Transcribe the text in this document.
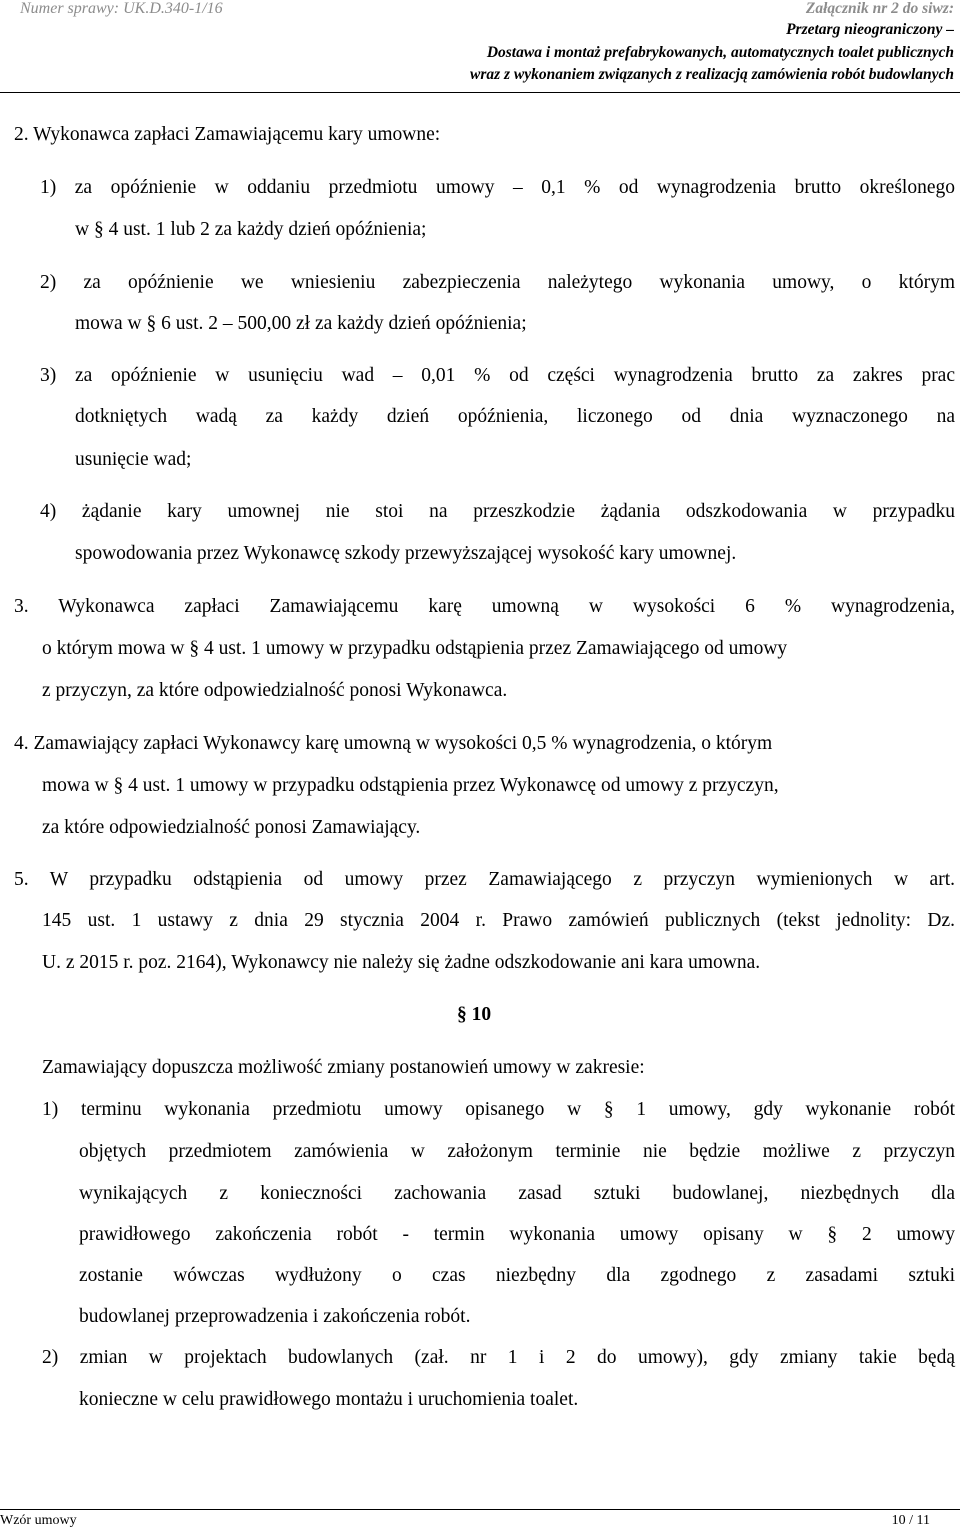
Numer sprawy: UK.D.340-1/16	Załącznik nr 2 do siwz:
Przetarg nieograniczony –
Dostawa i montaż prefabrykowanych, automatycznych toalet publicznych
wraz z wykonaniem związanych z realizacją zamówienia robót budowlanych
2. Wykonawca zapłaci Zamawiającemu kary umowne:
1) za opóźnienie w oddaniu przedmiotu umowy – 0,1 % od wynagrodzenia brutto określonego
w § 4 ust. 1 lub 2 za każdy dzień opóźnienia;
2) za opóźnienie we wniesieniu zabezpieczenia należytego wykonania umowy, o którym
mowa w § 6 ust. 2 – 500,00 zł za każdy dzień opóźnienia;
3) za opóźnienie w usunięciu wad – 0,01 % od części wynagrodzenia brutto za zakres prac
dotkniętych wadą za każdy dzień opóźnienia, liczonego od dnia wyznaczonego na
usunięcie wad;
4) żądanie kary umownej nie stoi na przeszkodzie żądania odszkodowania w przypadku
spowodowania przez Wykonawcę szkody przewyższającej wysokość kary umownej.
3. Wykonawca zapłaci Zamawiającemu karę umowną w wysokości 6 % wynagrodzenia,
o którym mowa w § 4 ust. 1 umowy w przypadku odstąpienia przez Zamawiającego od umowy
z przyczyn, za które odpowiedzialność ponosi Wykonawca.
4. Zamawiający zapłaci Wykonawcy karę umowną w wysokości 0,5 % wynagrodzenia, o którym
mowa w § 4 ust. 1 umowy w przypadku odstąpienia przez Wykonawcę od umowy z przyczyn,
za które odpowiedzialność ponosi Zamawiający.
5. W przypadku odstąpienia od umowy przez Zamawiającego z przyczyn wymienionych w art.
145 ust. 1 ustawy z dnia 29 stycznia 2004 r. Prawo zamówień publicznych (tekst jednolity: Dz.
U. z 2015 r. poz. 2164), Wykonawcy nie należy się żadne odszkodowanie ani kara umowna.
§ 10
Zamawiający dopuszcza możliwość zmiany postanowień umowy w zakresie:
1) terminu wykonania przedmiotu umowy opisanego w § 1 umowy, gdy wykonanie robót
objętych przedmiotem zamówienia w założonym terminie nie będzie możliwe z przyczyn
wynikających z konieczności zachowania zasad sztuki budowlanej, niezbędnych dla
prawidłowego zakończenia robót - termin wykonania umowy opisany w § 2 umowy
zostanie wówczas wydłużony o czas niezbędny dla zgodnego z zasadami sztuki
budowlanej przeprowadzenia i zakończenia robót.
2) zmian w projektach budowlanych (zał. nr 1 i 2 do umowy), gdy zmiany takie będą
konieczne w celu prawidłowego montażu i uruchomienia toalet.
Wzór umowy	10 / 11
